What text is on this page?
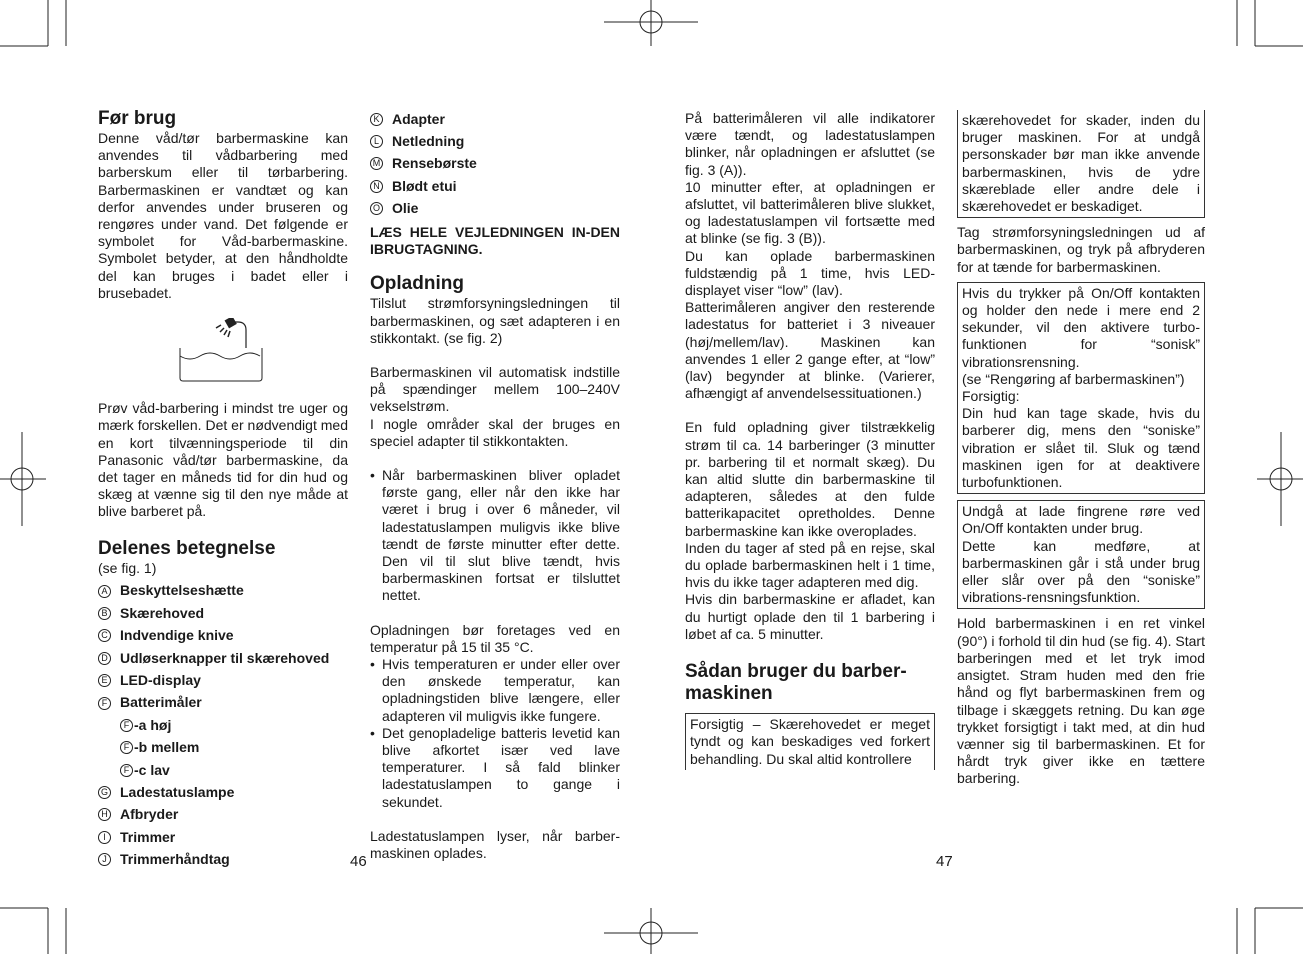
Før brug

Denne våd/tør barbermaskine kan anvendes til vådbarbering med barberskum eller til tørbarbering. Barbermaskinen er vandtæt og kan derfor anvendes under bruseren og rengøres under vand. Det følgende er symbolet for Våd-barbermaskine. Symbolet betyder, at den håndholdte del kan bruges i badet eller i brusebadet.

Prøv våd-barbering i mindst tre uger og mærk forskellen. Det er nødvendigt med en kort tilvænningsperiode til din Panasonic våd/tør barbermaskine, da det tager en måneds tid for din hud og skæg at vænne sig til den nye måde at blive barberet på.

Delenes betegnelse

(se fig. 1)

A Beskyttelseshætte
B Skærehoved
C Indvendige knive
D Udløserknapper til skærehoved
E LED-display
F Batterimåler
F -a høj
F -b mellem
F -c lav
G Ladestatuslampe
H Afbryder
I	Trimmer
J Trimmerhåndtag
K Adapter
L Netledning
M Rensebørste
N Blødt etui
O Olie

LÆS HELE VEJLEDNINGEN IN-DEN IBRUGTAGNING.

Opladning

Tilslut strømforsyningsledningen til barbermaskinen, og sæt adapteren i en stikkontakt. (se fig. 2)

Barbermaskinen vil automatisk indstille på spændinger mellem 100–240V vekselstrøm.

I nogle områder skal der bruges en speciel adapter til stikkontakten.

• Når barbermaskinen bliver opladet første gang, eller når den ikke har været i brug i over 6 måneder, vil ladestatuslampen muligvis ikke blive tændt de første minutter efter dette. Den vil til slut blive tændt, hvis barbermaskinen fortsat er tilsluttet nettet.

Opladningen bør foretages ved en temperatur på 15 til 35 °C.

• Hvis temperaturen er under eller over den ønskede temperatur, kan opladningstiden blive længere, eller adapteren vil muligvis ikke fungere.
• Det genopladelige batteris levetid kan blive afkortet især ved lave temperaturer. I så fald blinker ladestatuslampen to gange i sekundet.

Ladestatuslampen lyser, når barber-maskinen oplades.

På batterimåleren vil alle indikatorer være tændt, og ladestatuslampen blinker, når opladningen er afsluttet (se fig. 3 (A)).

10 minutter efter, at opladningen er afsluttet, vil batterimåleren blive slukket, og ladestatuslampen vil fortsætte med at blinke (se fig. 3 (B)).

Du kan oplade barbermaskinen fuldstændig på 1 time, hvis LED-displayet viser “low” (lav).

Batterimåleren angiver den resterende ladestatus for batteriet i 3 niveauer (høj/mellem/lav). Maskinen kan anvendes 1 eller 2 gange efter, at “low” (lav) begynder at blinke. (Varierer, afhængigt af anvendelsessituationen.)

En fuld opladning giver tilstrækkelig strøm til ca. 14 barberinger (3 minutter pr. barbering til et normalt skæg). Du kan altid slutte din barbermaskine til adapteren, således at den fulde batterikapacitet opretholdes. Denne barbermaskine kan ikke overoplades.

Inden du tager af sted på en rejse, skal du oplade barbermaskinen helt i 1 time, hvis du ikke tager adapteren med dig.

Hvis din barbermaskine er afladet, kan du hurtigt oplade den til 1 barbering i løbet af ca. 5 minutter.

Sådan bruger du barber-maskinen

Forsigtig – Skærehovedet er meget tyndt og kan beskadiges ved forkert behandling. Du skal altid kontrollere

skærehovedet for skader, inden du bruger maskinen. For at undgå personskader bør man ikke anvende barbermaskinen, hvis de ydre skæreblade eller andre dele i skærehovedet er beskadiget.

Tag strømforsyningsledningen ud af barbermaskinen, og tryk på afbryderen for at tænde for barbermaskinen.

Hvis du trykker på On/Off kontakten og holder den nede i mere end 2 sekunder, vil den aktivere turbo-funktionen for “sonisk” vibrationsrensning.

(se “Rengøring af barbermaskinen”)

Forsigtig:

Din hud kan tage skade, hvis du barberer dig, mens den “soniske” vibration er slået til. Sluk og tænd maskinen igen for at deaktivere turbofunktionen.

Undgå at lade fingrene røre ved On/Off kontakten under brug.

Dette kan medføre, at barbermaskinen går i stå under brug eller slår over på den “soniske” vibrations-rensningsfunktion.

Hold barbermaskinen i en ret vinkel (90°) i forhold til din hud (se fig. 4). Start barberingen med et let tryk imod ansigtet. Stram huden med den frie hånd og flyt barbermaskinen frem og tilbage i skæggets retning. Du kan øge trykket forsigtigt i takt med, at din hud vænner sig til barbermaskinen. Et for hårdt tryk giver ikke en tættere barbering.

46	47
